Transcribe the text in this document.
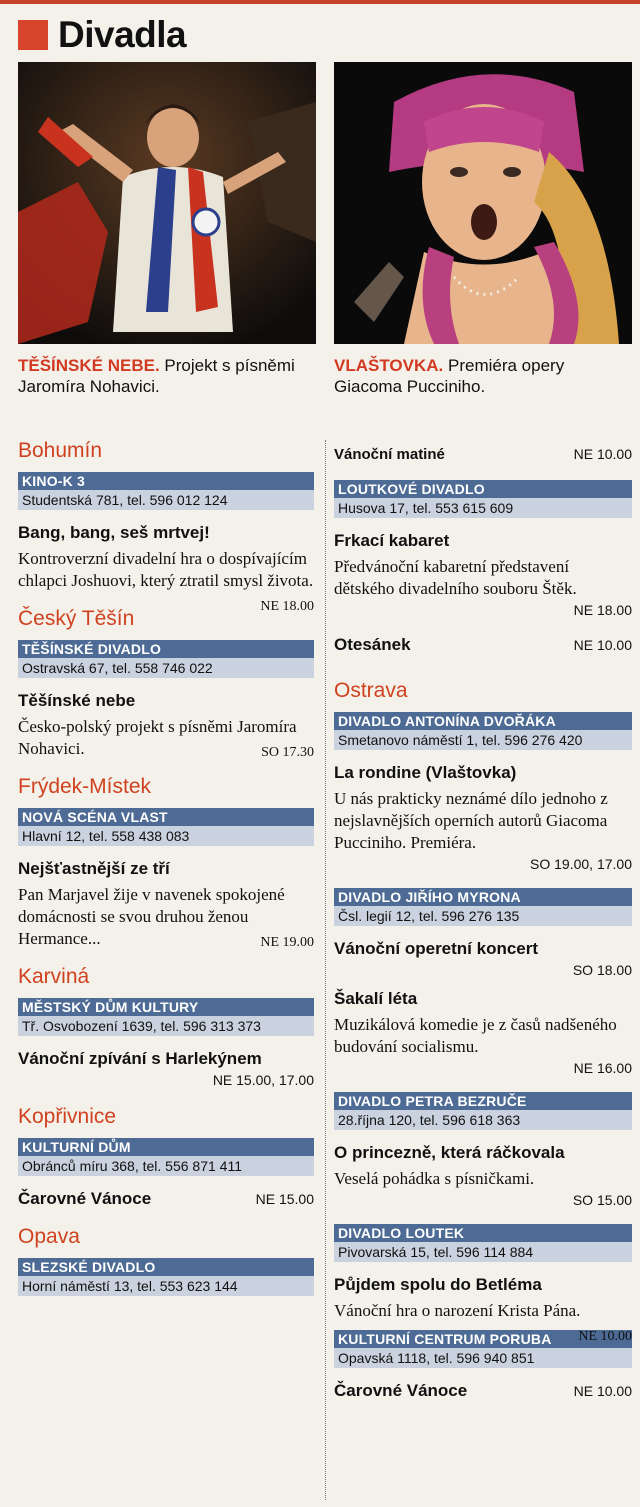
Divadla
TĚŠÍNSKÉ NEBE. Projekt s písněmi Jaromíra Nohavici.
VLAŠTOVKA. Premiéra opery Giacoma Pucciniho.
Bohumín
KINO-K 3
Studentská 781, tel. 596 012 124
Bang, bang, seš mrtvej!
Kontroverzní divadelní hra o dospívajícím chlapci Joshuovi, který ztratil smysl života.
NE 18.00
Český Těšín
TĚŠÍNSKÉ DIVADLO
Ostravská 67, tel. 558 746 022
Těšínské nebe
Česko-polský projekt s písněmi Jaromíra Nohavici.	SO 17.30
Frýdek-Místek
NOVÁ SCÉNA VLAST
Hlavní 12, tel. 558 438 083
Nejšťastnější ze tří
Pan Marjavel žije v navenek spokojené domácnosti se svou druhou ženou Hermance...	NE 19.00
Karviná
MĚSTSKÝ DŮM KULTURY
Tř. Osvobození 1639, tel. 596 313 373
Vánoční zpívání s Harlekýnem
NE 15.00, 17.00
Kopřivnice
KULTURNÍ DŮM
Obránců míru 368, tel. 556 871 411
Čarovné Vánoce	NE 15.00
Opava
SLEZSKÉ DIVADLO
Horní náměstí 13, tel. 553 623 144
Vánoční matiné	NE 10.00
LOUTKOVÉ DIVADLO
Husova 17, tel. 553 615 609
Frkací kabaret
Předvánoční kabaretní představení dětského divadelního souboru Štěk.
NE 18.00
Otesánek	NE 10.00
Ostrava
DIVADLO ANTONÍNA DVOŘÁKA
Smetanovo náměstí 1, tel. 596 276 420
La rondine (Vlaštovka)
U nás prakticky neznámé dílo jednoho z nejslavnějších operních autorů Giacoma Pucciniho. Premiéra.
SO 19.00, 17.00
DIVADLO JIŘÍHO MYRONA
Čsl. legií 12, tel. 596 276 135
Vánoční operetní koncert
SO 18.00
Šakalí léta
Muzikálová komedie je z časů nadšeného budování socialismu.
NE 16.00
DIVADLO PETRA BEZRUČE
28.října 120, tel. 596 618 363
O princezně, která ráčkovala
Veselá pohádka s písničkami.
SO 15.00
DIVADLO LOUTEK
Pivovarská 15, tel. 596 114 884
Půjdem spolu do Betléma
Vánoční hra o narození Krista Pána.
NE 10.00
KULTURNÍ CENTRUM PORUBA
Opavská 1118, tel. 596 940 851
Čarovné Vánoce	NE 10.00
